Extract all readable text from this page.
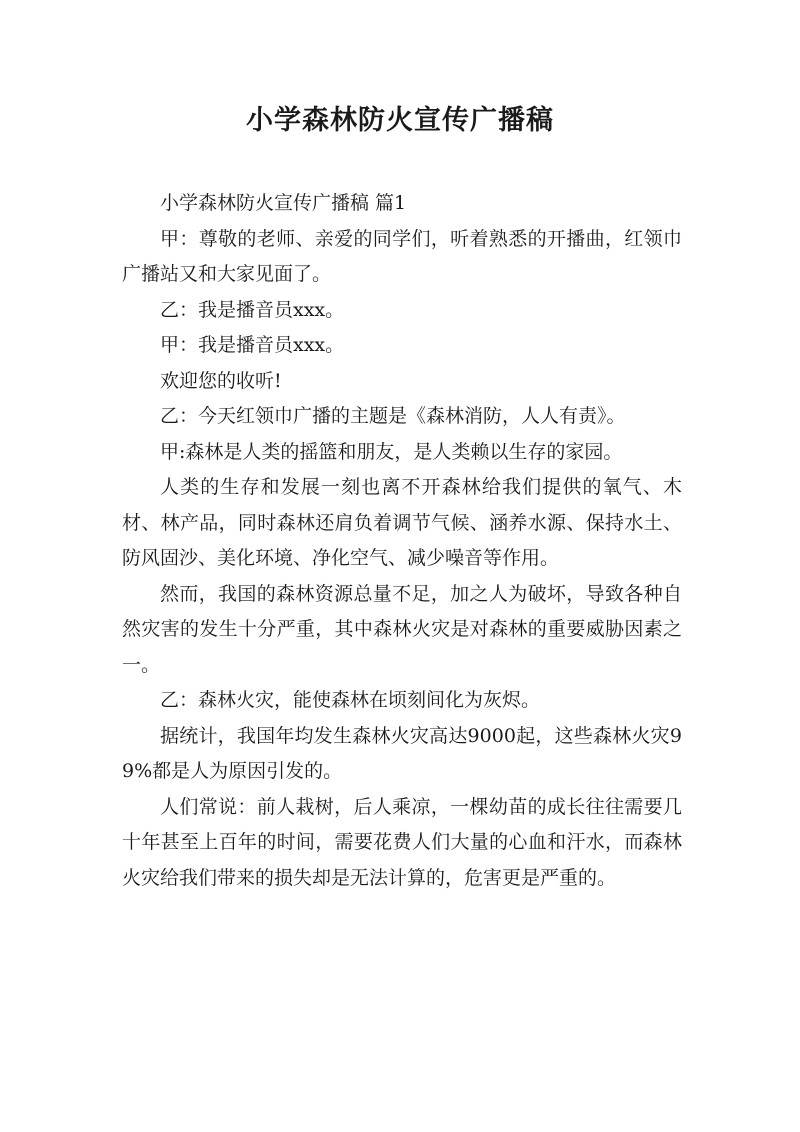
小学森林防火宣传广播稿

小学森林防火宣传广播稿 篇1

甲：尊敬的老师、亲爱的同学们，听着熟悉的开播曲，红领巾广播站又和大家见面了。

乙：我是播音员xxx。

甲：我是播音员xxx。

欢迎您的收听!

乙：今天红领巾广播的主题是《森林消防，人人有责》。

甲:森林是人类的摇篮和朋友，是人类赖以生存的家园。

人类的生存和发展一刻也离不开森林给我们提供的氧气、木材、林产品，同时森林还肩负着调节气候、涵养水源、保持水土、防风固沙、美化环境、净化空气、减少噪音等作用。

然而，我国的森林资源总量不足，加之人为破坏，导致各种自然灾害的发生十分严重，其中森林火灾是对森林的重要威胁因素之一。

乙：森林火灾，能使森林在顷刻间化为灰烬。

据统计，我国年均发生森林火灾高达9000起，这些森林火灾99%都是人为原因引发的。

人们常说：前人栽树，后人乘凉，一棵幼苗的成长往往需要几十年甚至上百年的时间，需要花费人们大量的心血和汗水，而森林火灾给我们带来的损失却是无法计算的，危害更是严重的。
